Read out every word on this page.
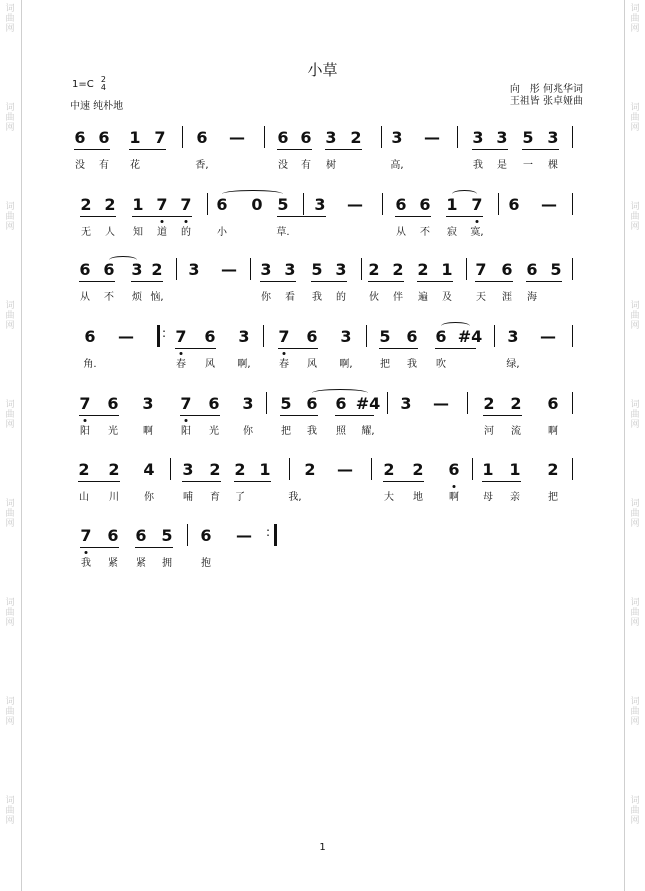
词
曲
网
词
曲
网
词
曲
网
词
曲
网
词
曲
网
词
曲
网
词
曲
网
词
曲
网
词
曲
网
词
曲
网
词
曲
网
词
曲
网
词
曲
网
词
曲
网
词
曲
网
词
曲
网
词
曲
网
词
曲
网
小草
1=C 2
4
中速 纯朴地
向　彤 何兆华词
王祖皆 张卓娅曲
6 6 1 7 6 — 6 6 3 2 3 — 3 3 5 3
没 有 花	香,	没 有 树	高,	我 是 一 棵
2 2 1 7 7 6 0 5 3 — 6 6 1 7 6 —
无 人 知 道 的	小	草.	从 不 寂 寞,
6 6 3 2 3 — 3 3 5 3 2 2 2 1 7 6 6 5
从 不 烦 恼,	你 看 我 的 伙 伴 遍 及 天 涯 海
6 —	7 6 3 7 6 3 5 6 6 #4 3 —
角.	春 风 啊,	春 风 啊,	把 我 吹	绿,
7 6 3 7 6 3 5 6 6 #4 3 — 2 2 6
阳 光	啊	阳 光 你	把 我 照 耀,	河 流	啊
2 2 4 3 2 2 1 2 — 2 2 6 1 1 2
山 川	你	哺 育 了	我,	大 地	啊 母 亲	把
7 6 6 5 6 —
我 紧 紧 拥	抱
:
:
1
